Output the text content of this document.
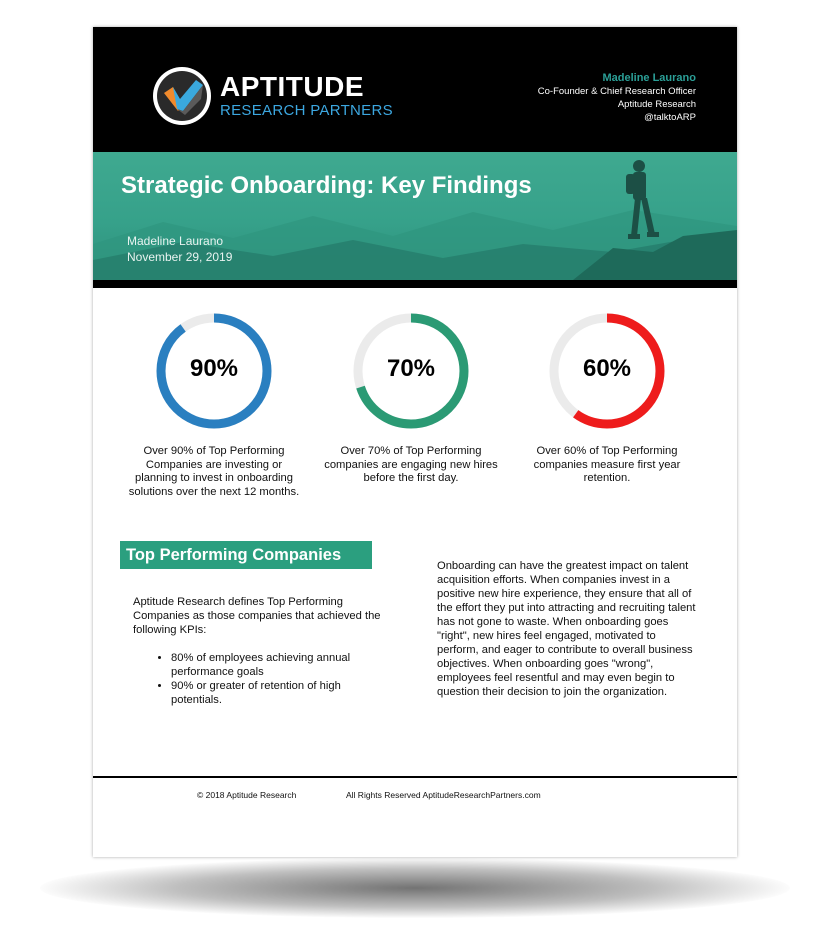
APTITUDE
RESEARCH PARTNERS
Madeline Laurano
Co-Founder & Chief Research Officer
Aptitude Research
@talktoARP
Strategic Onboarding: Key Findings
Madeline Laurano
November 29, 2019
90%
Over 90% of Top Performing Companies are investing or planning to invest in onboarding solutions over the next 12 months.
70%
Over 70% of Top Performing companies are engaging new hires before the first day.
60%
Over 60% of Top Performing companies measure first year retention.
Top Performing Companies
Aptitude Research defines Top Performing Companies as those companies that achieved the following KPIs:
• 80% of employees achieving annual performance goals
• 90% or greater of retention of high potentials.
Onboarding can have the greatest impact on talent acquisition efforts. When companies invest in a positive new hire experience, they ensure that all of the effort they put into attracting and recruiting talent has not gone to waste. When onboarding goes "right", new hires feel engaged, motivated to perform, and eager to contribute to overall business objectives. When onboarding goes "wrong", employees feel resentful and may even begin to question their decision to join the organization.
© 2018 Aptitude Research	All Rights Reserved AptitudeResearchPartners.com
